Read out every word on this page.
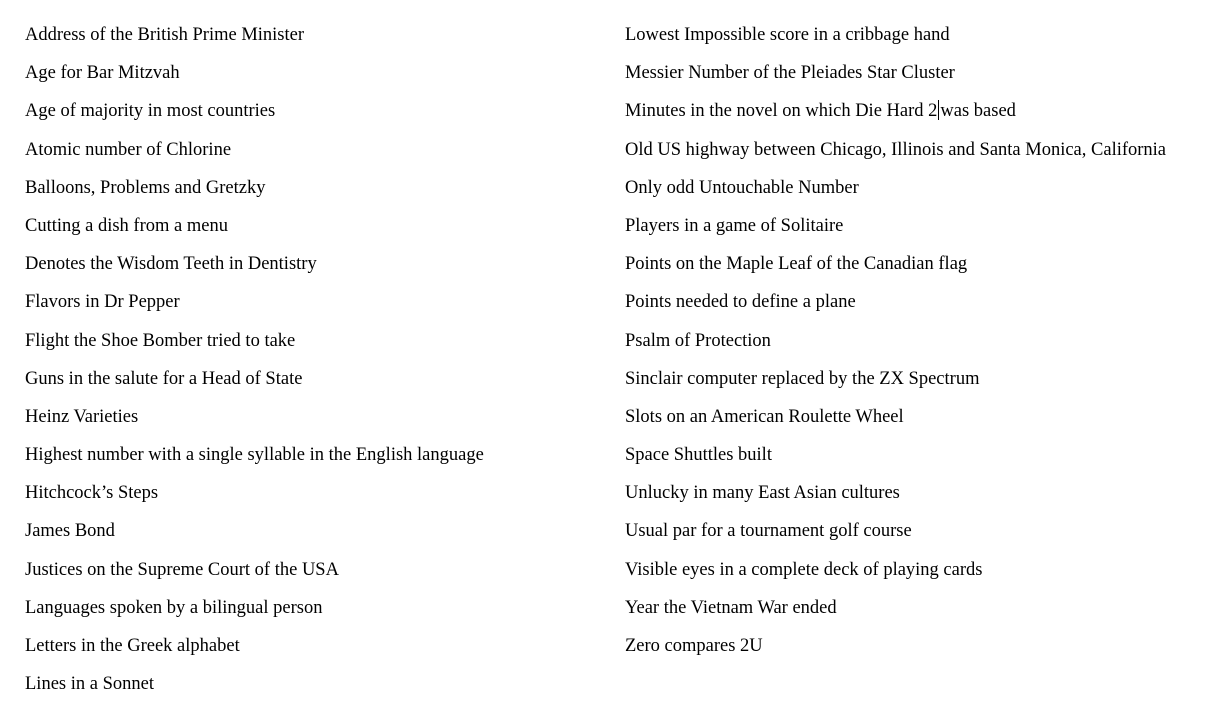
Address of the British Prime Minister
Age for Bar Mitzvah
Age of majority in most countries
Atomic number of Chlorine
Balloons, Problems and Gretzky
Cutting a dish from a menu
Denotes the Wisdom Teeth in Dentistry
Flavors in Dr Pepper
Flight the Shoe Bomber tried to take
Guns in the salute for a Head of State
Heinz Varieties
Highest number with a single syllable in the English language
Hitchcock’s Steps
James Bond
Justices on the Supreme Court of the USA
Languages spoken by a bilingual person
Letters in the Greek alphabet
Lines in a Sonnet
Lowest Impossible score in a cribbage hand
Messier Number of the Pleiades Star Cluster
Minutes in the novel on which Die Hard 2 was based
Old US highway between Chicago, Illinois and Santa Monica, California
Only odd Untouchable Number
Players in a game of Solitaire
Points on the Maple Leaf of the Canadian flag
Points needed to define a plane
Psalm of Protection
Sinclair computer replaced by the ZX Spectrum
Slots on an American Roulette Wheel
Space Shuttles built
Unlucky in many East Asian cultures
Usual par for a tournament golf course
Visible eyes in a complete deck of playing cards
Year the Vietnam War ended
Zero compares 2U
